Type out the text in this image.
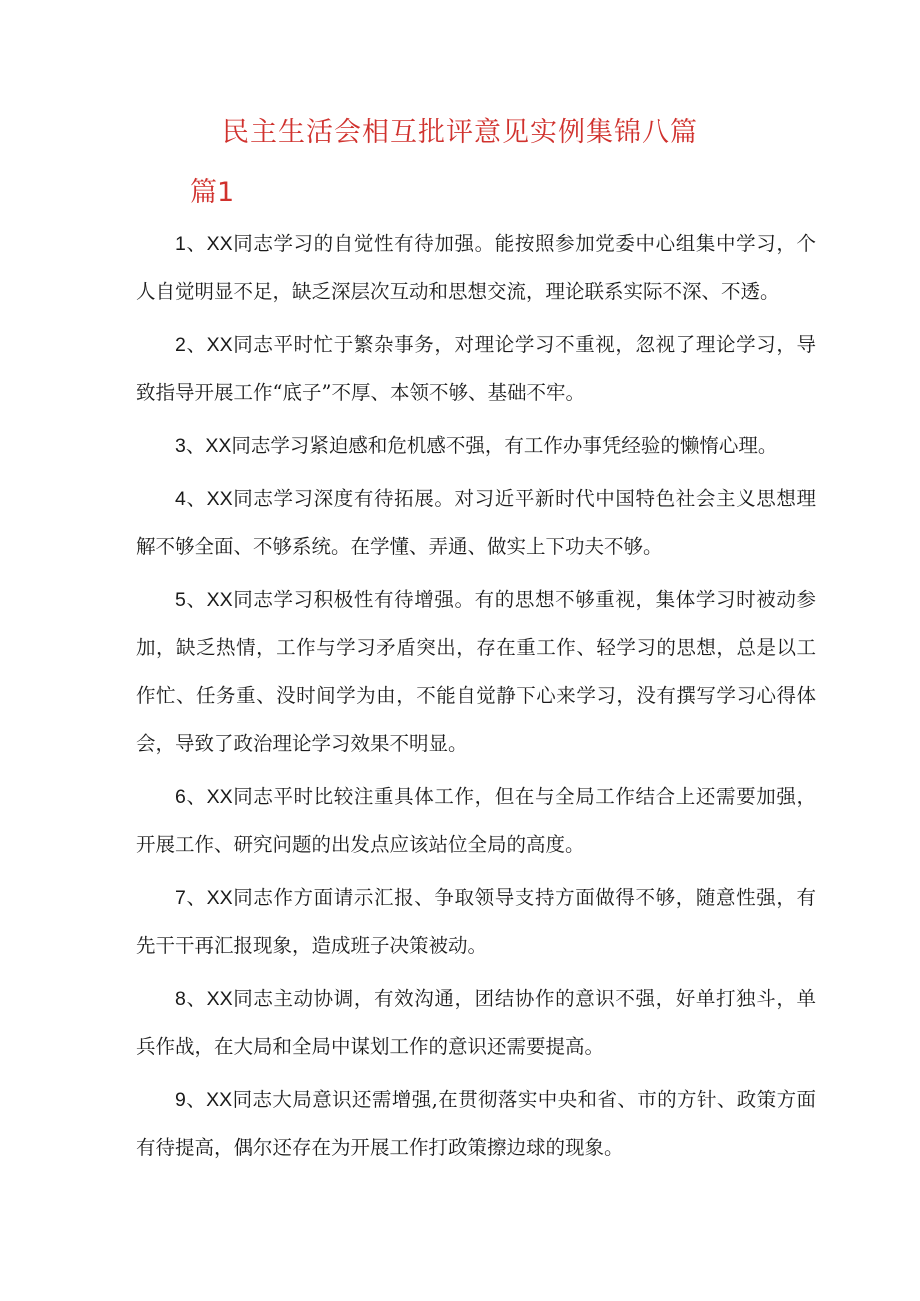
民主生活会相互批评意见实例集锦八篇
篇1

1、XX同志学习的自觉性有待加强。能按照参加党委中心组集中学习，个人自觉明显不足，缺乏深层次互动和思想交流，理论联系实际不深、不透。

2、XX同志平时忙于繁杂事务，对理论学习不重视，忽视了理论学习，导致指导开展工作“底子”不厚、本领不够、基础不牢。

3、XX同志学习紧迫感和危机感不强，有工作办事凭经验的懒惰心理。

4、XX同志学习深度有待拓展。对习近平新时代中国特色社会主义思想理解不够全面、不够系统。在学懂、弄通、做实上下功夫不够。

5、XX同志学习积极性有待增强。有的思想不够重视，集体学习时被动参加，缺乏热情，工作与学习矛盾突出，存在重工作、轻学习的思想，总是以工作忙、任务重、没时间学为由，不能自觉静下心来学习，没有撰写学习心得体会，导致了政治理论学习效果不明显。

6、XX同志平时比较注重具体工作，但在与全局工作结合上还需要加强，开展工作、研究问题的出发点应该站位全局的高度。

7、XX同志作方面请示汇报、争取领导支持方面做得不够，随意性强，有先干干再汇报现象，造成班子决策被动。

8、XX同志主动协调，有效沟通，团结协作的意识不强，好单打独斗，单兵作战，在大局和全局中谋划工作的意识还需要提高。

9、XX同志大局意识还需增强,在贯彻落实中央和省、市的方针、政策方面有待提高，偶尔还存在为开展工作打政策擦边球的现象。
